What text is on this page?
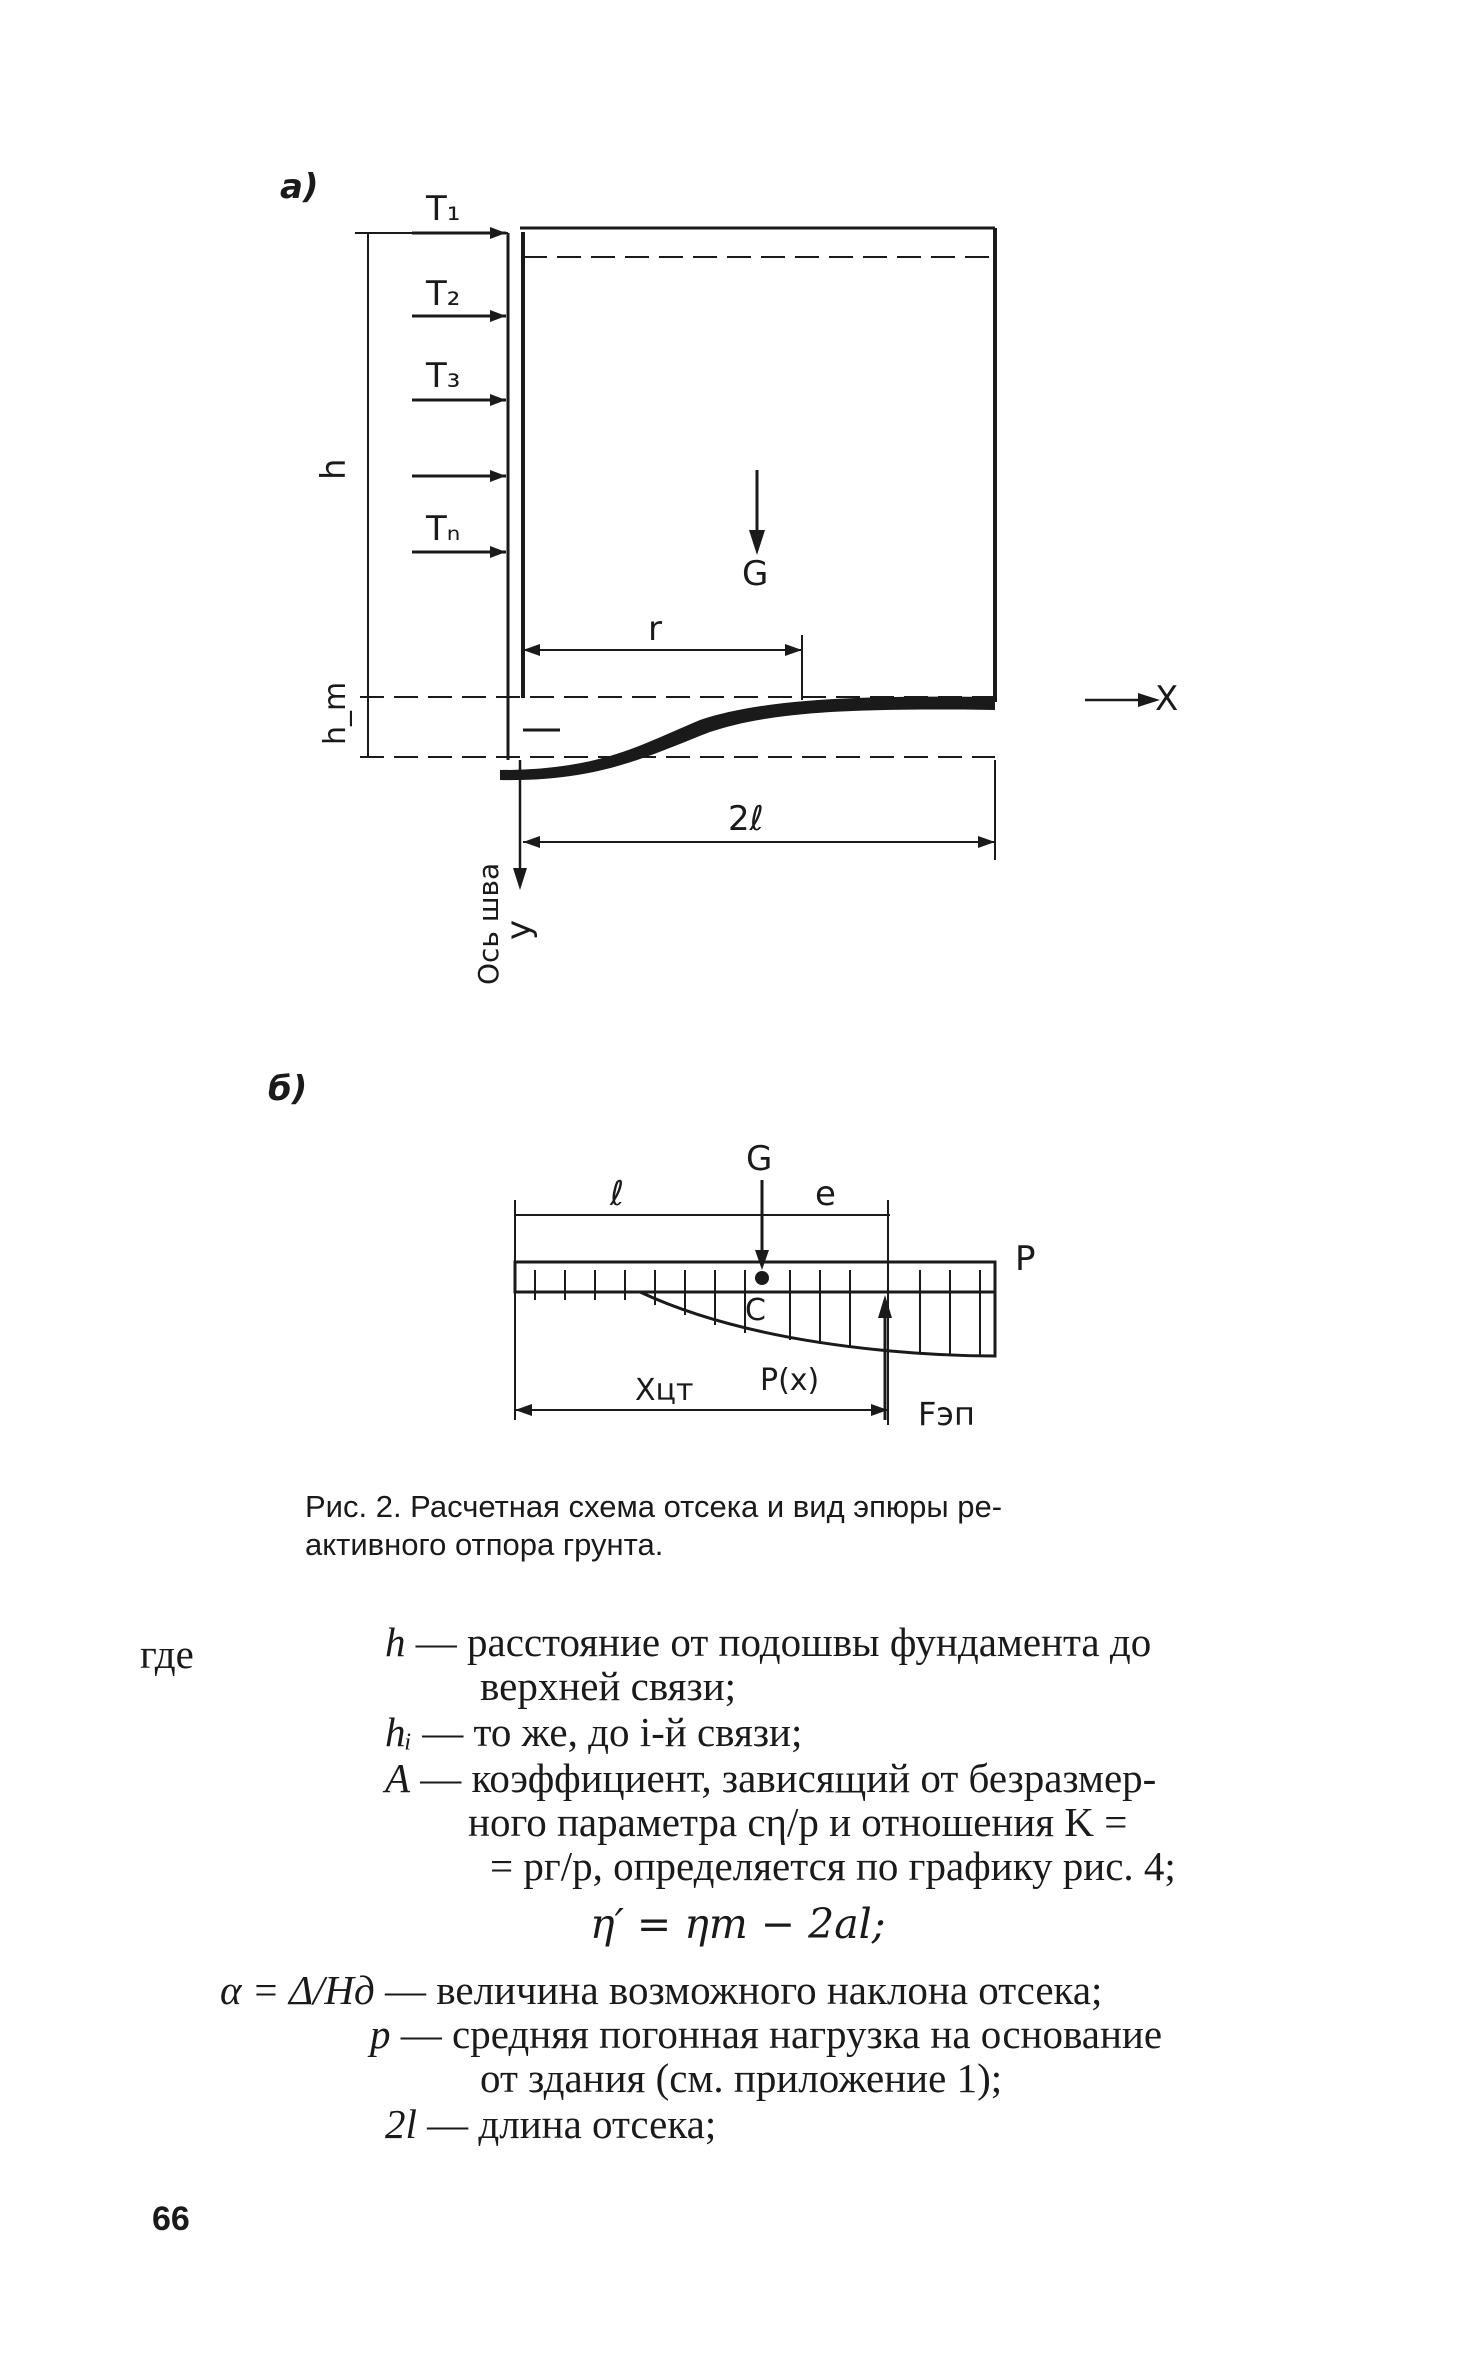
а)
T₁
T₂
T₃
Tₙ
h
h_m
G
r
X
2ℓ
y
Ось шва
б)
G
ℓ	e
P
C
P(x)
Xцт
Fэп

Рис. 2. Расчетная схема отсека и вид эпюры ре-
активного отпора грунта.

где	h — расстояние от подошвы фундамента до
верхней связи;
hᵢ — то же, до i-й связи;
A — коэффициент, зависящий от безразмер-
ного параметра cη/p и отношения K =
= pг/p, определяется по графику рис. 4;
η′ = ηm − 2al;
α = Δ/Hд — величина возможного наклона отсека;
p — средняя погонная нагрузка на основание
от здания (см. приложение 1);
2l — длина отсека;
66
